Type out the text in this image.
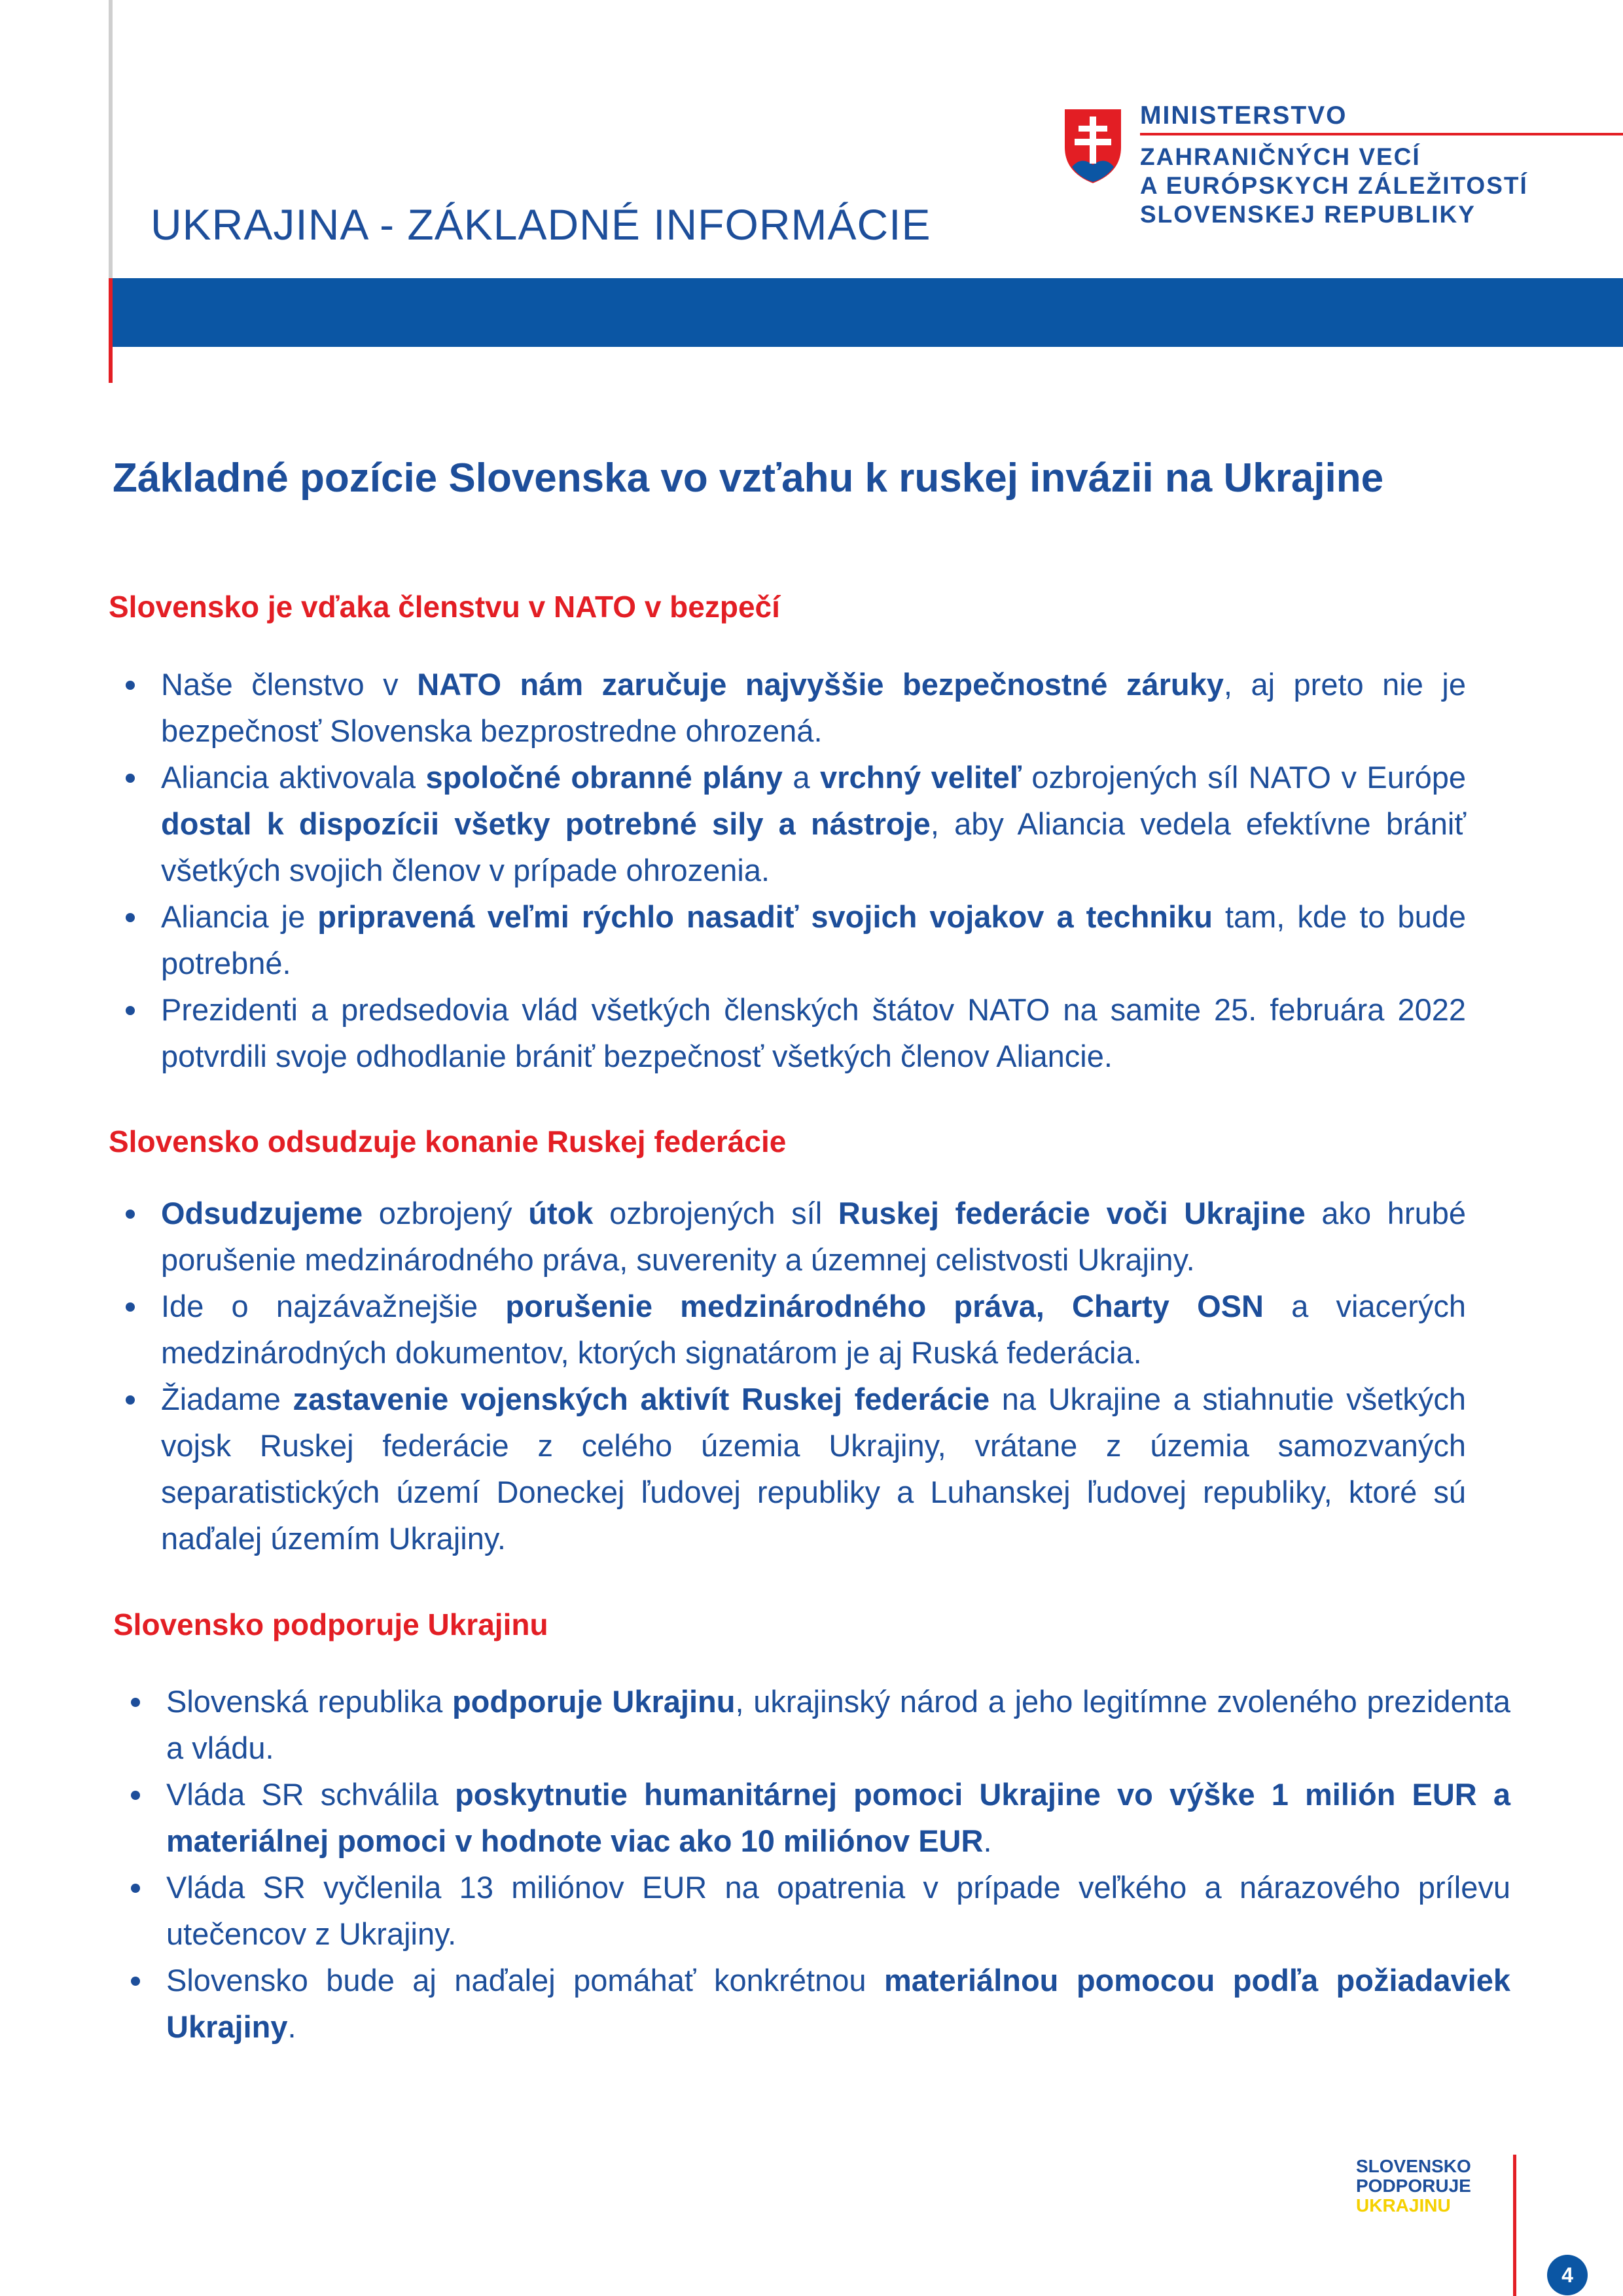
UKRAJINA - ZÁKLADNÉ INFORMÁCIE
MINISTERSTVO
ZAHRANIČNÝCH VECÍ
A EURÓPSKYCH ZÁLEŽITOSTÍ
SLOVENSKEJ REPUBLIKY
Základné pozície Slovenska vo vzťahu k ruskej invázii na Ukrajine
Slovensko je vďaka členstvu v NATO v bezpečí
Naše členstvo v NATO nám zaručuje najvyššie bezpečnostné záruky, aj preto nie je bezpečnosť Slovenska bezprostredne ohrozená.
Aliancia aktivovala spoločné obranné plány a vrchný veliteľ ozbrojených síl NATO v Európe dostal k dispozícii všetky potrebné sily a nástroje, aby Aliancia vedela efektívne brániť všetkých svojich členov v prípade ohrozenia.
Aliancia je pripravená veľmi rýchlo nasadiť svojich vojakov a techniku tam, kde to bude potrebné.
Prezidenti a predsedovia vlád všetkých členských štátov NATO na samite 25. februára 2022 potvrdili svoje odhodlanie brániť bezpečnosť všetkých členov Aliancie.
Slovensko odsudzuje konanie Ruskej federácie
Odsudzujeme ozbrojený útok ozbrojených síl Ruskej federácie voči Ukrajine ako hrubé porušenie medzinárodného práva, suverenity a územnej celistvosti Ukrajiny.
Ide o najzávažnejšie porušenie medzinárodného práva, Charty OSN a viacerých medzinárodných dokumentov, ktorých signatárom je aj Ruská federácia.
Žiadame zastavenie vojenských aktivít Ruskej federácie na Ukrajine a stiahnutie všetkých vojsk Ruskej federácie z celého územia Ukrajiny, vrátane z územia samozvaných separatistických území Doneckej ľudovej republiky a Luhanskej ľudovej republiky, ktoré sú naďalej územím Ukrajiny.
Slovensko podporuje Ukrajinu
Slovenská republika podporuje Ukrajinu, ukrajinský národ a jeho legitímne zvoleného prezidenta a vládu.
Vláda SR schválila poskytnutie humanitárnej pomoci Ukrajine vo výške 1 milión EUR a materiálnej pomoci v hodnote viac ako 10 miliónov EUR.
Vláda SR vyčlenila 13 miliónov EUR na opatrenia v prípade veľkého a nárazového prílevu utečencov z Ukrajiny.
Slovensko bude aj naďalej pomáhať konkrétnou materiálnou pomocou podľa požiadaviek Ukrajiny.
SLOVENSKO
PODPORUJE
UKRAJINU
4
